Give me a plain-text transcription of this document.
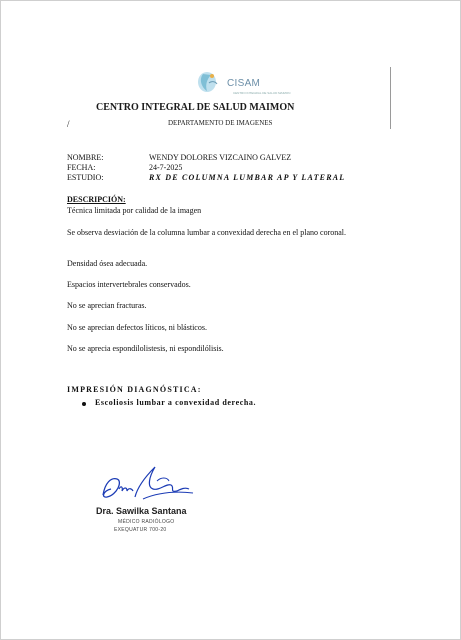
CISAM
CENTRO INTEGRAL DE SALUD MAIMON
CENTRO INTEGRAL DE SALUD MAIMON
/	DEPARTAMENTO DE IMAGENES
NOMBRE:	WENDY DOLORES VIZCAINO GALVEZ
FECHA:	24-7-2025
ESTUDIO:	RX DE COLUMNA LUMBAR AP Y LATERAL
DESCRIPCIÓN:
Técnica limitada por calidad de la imagen
Se observa desviación de la columna lumbar a convexidad derecha en el plano coronal.
Densidad ósea adecuada.
Espacios intervertebrales conservados.
No se aprecian fracturas.
No se aprecian defectos líticos, ni blásticos.
No se aprecia espondilolistesis, ni espondilólisis.
IMPRESIÓN DIAGNÓSTICA:
Escoliosis lumbar a convexidad derecha.
Dra. Sawilka Santana
MÉDICO RADIÓLOGO
EXEQUATUR 700-20
